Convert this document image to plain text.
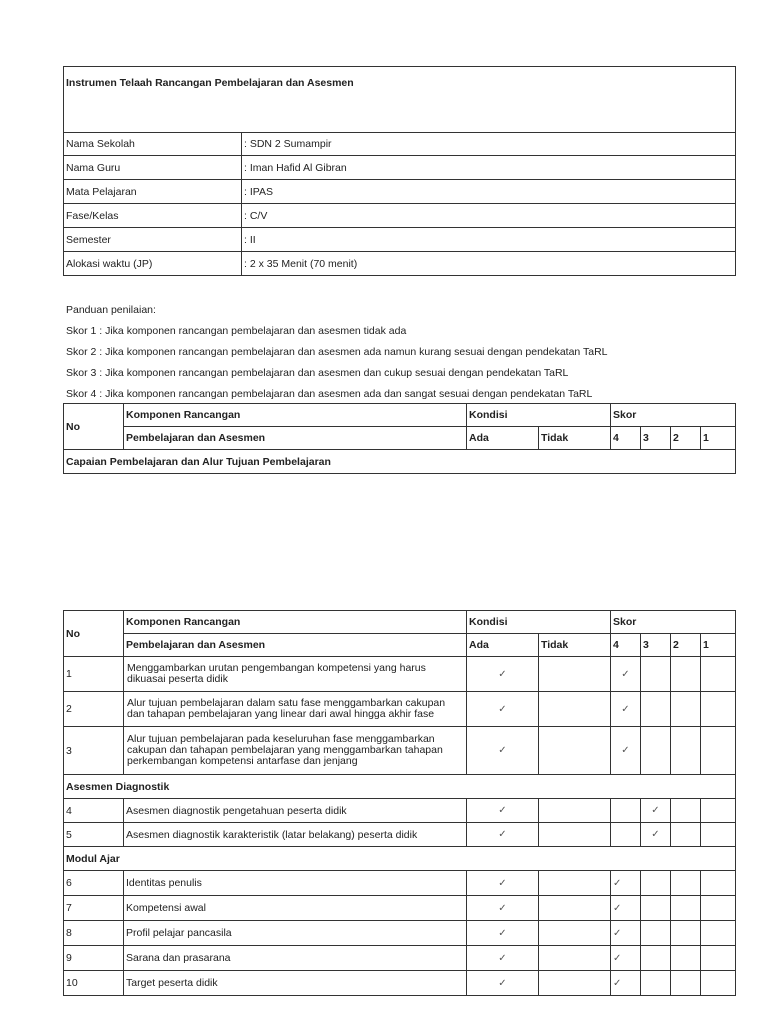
Instrumen Telaah Rancangan Pembelajaran dan Asesmen	
Nama Sekolah	: SDN 2 Sumampir
Nama Guru	: Iman Hafid Al Gibran
Mata Pelajaran	: IPAS
Fase/Kelas	: C/V
Semester	: II
Alokasi waktu (JP)	: 2 x 35 Menit (70 menit)
Panduan penilaian:
Skor 1 : Jika komponen rancangan pembelajaran dan asesmen tidak ada
Skor 2 : Jika komponen rancangan pembelajaran dan asesmen ada namun kurang sesuai dengan pendekatan TaRL
Skor 3 : Jika komponen rancangan pembelajaran dan asesmen dan cukup sesuai dengan pendekatan TaRL
Skor 4 : Jika komponen rancangan pembelajaran dan asesmen ada dan sangat sesuai dengan pendekatan TaRL
No	Komponen Rancangan	Kondisi		Skor			
	Pembelajaran dan Asesmen	Ada	Tidak	4	3	2	1
Capaian Pembelajaran dan Alur Tujuan Pembelajaran							
No	Komponen Rancangan	Kondisi		Skor			
	Pembelajaran dan Asesmen	Ada	Tidak	4	3	2	1
1	Menggambarkan urutan pengembangan kompetensi yang harus dikuasai peserta didik	✓		✓			
2	Alur tujuan pembelajaran dalam satu fase menggambarkan cakupan dan tahapan pembelajaran yang linear dari awal hingga akhir fase	✓		✓			
3	Alur tujuan pembelajaran pada keseluruhan fase menggambarkan cakupan dan tahapan pembelajaran yang menggambarkan tahapan perkembangan kompetensi antarfase dan jenjang	✓		✓			
Asesmen Diagnostik							
4	Asesmen diagnostik pengetahuan peserta didik	✓			✓		
5	Asesmen diagnostik karakteristik (latar belakang) peserta didik	✓			✓		
Modul Ajar							
6	Identitas penulis	✓		✓			
7	Kompetensi awal	✓		✓			
8	Profil pelajar pancasila	✓		✓			
9	Sarana dan prasarana	✓		✓			
10	Target peserta didik	✓		✓			
